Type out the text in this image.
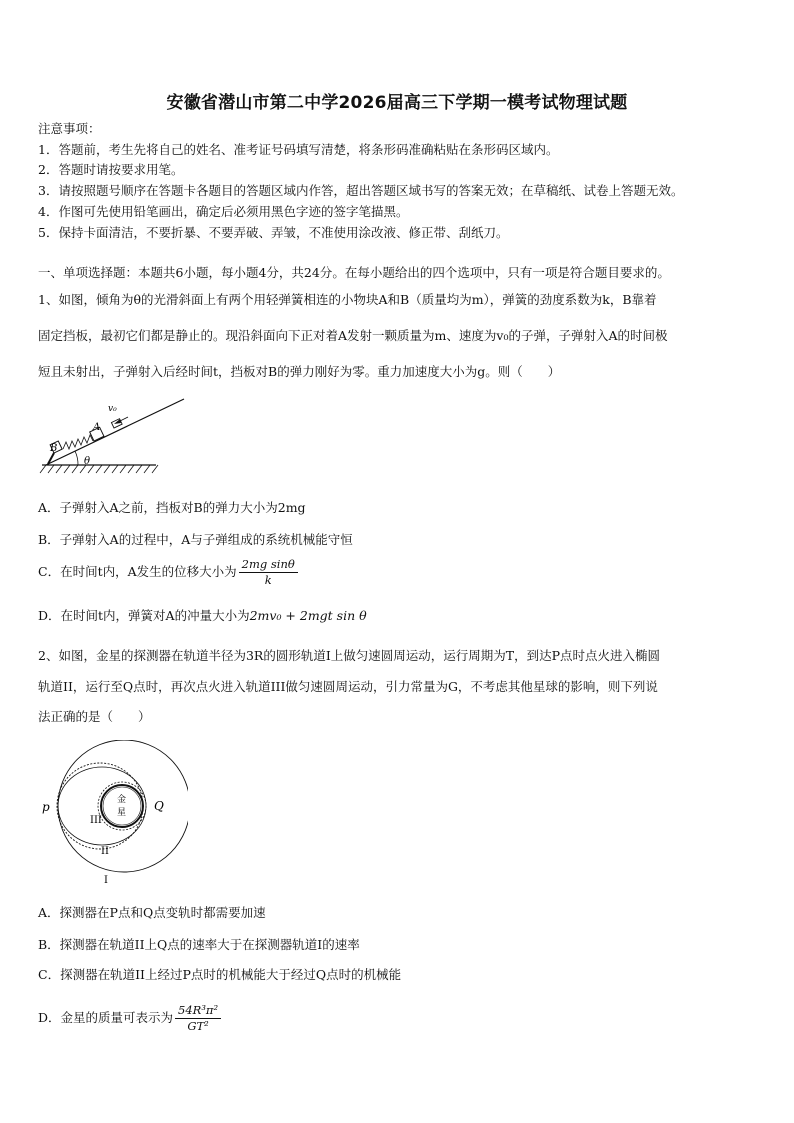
安徽省潜山市第二中学2026届高三下学期一模考试物理试题
注意事项：
1．答题前，考生先将自己的姓名、准考证号码填写清楚，将条形码准确粘贴在条形码区域内。
2．答题时请按要求用笔。
3．请按照题号顺序在答题卡各题目的答题区域内作答，超出答题区域书写的答案无效；在草稿纸、试卷上答题无效。
4．作图可先使用铅笔画出，确定后必须用黑色字迹的签字笔描黑。
5．保持卡面清洁，不要折暴、不要弄破、弄皱，不准使用涂改液、修正带、刮纸刀。
一、单项选择题：本题共6小题，每小题4分，共24分。在每小题给出的四个选项中，只有一项是符合题目要求的。
1、如图，倾角为θ的光滑斜面上有两个用轻弹簧相连的小物块A和B（质量均为m），弹簧的劲度系数为k，B靠着
固定挡板，最初它们都是静止的。现沿斜面向下正对着A发射一颗质量为m、速度为v₀的子弹，子弹射入A的时间极
短且未射出，子弹射入后经时间t，挡板对B的弹力刚好为零。重力加速度大小为g。则（　　）
B
A
v₀
θ
A．子弹射入A之前，挡板对B的弹力大小为2mg
B．子弹射入A的过程中，A与子弹组成的系统机械能守恒
C．在时间t内，A发生的位移大小为 $\frac{\text{2mg sinθ}}{k}$
D．在时间t内，弹簧对A的冲量大小为2mv₀ + 2mgt sin θ
2、如图，金星的探测器在轨道半径为3R的圆形轨道I上做匀速圆周运动，运行周期为T，到达P点时点火进入椭圆
轨道II，运行至Q点时，再次点火进入轨道III做匀速圆周运动，引力常量为G，不考虑其他星球的影响，则下列说
法正确的是（　　）
金
星
p	Q
III
II
I
A．探测器在P点和Q点变轨时都需要加速
B．探测器在轨道II上Q点的速率大于在探测器轨道I的速率
C．探测器在轨道II上经过P点时的机械能大于经过Q点时的机械能
D．金星的质量可表示为 $\frac{\text{54R³π²}}{\text{GT²}}$
